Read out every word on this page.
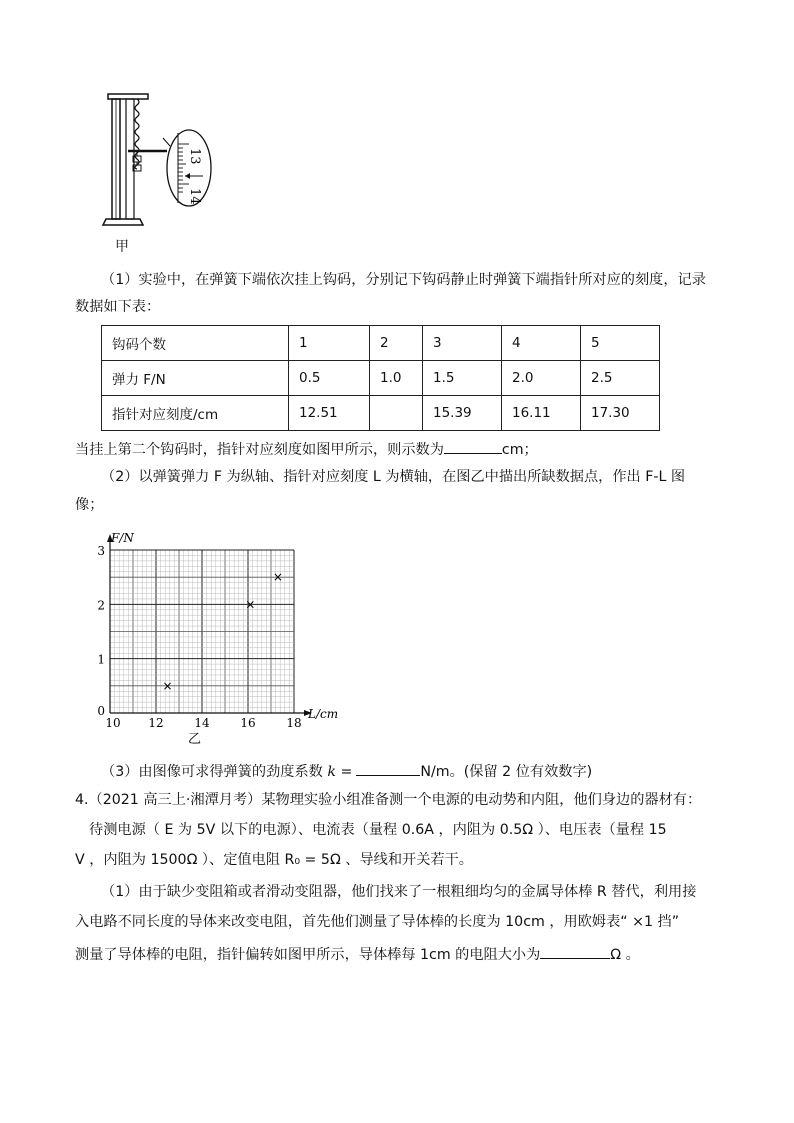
13
14
甲
（1）实验中，在弹簧下端依次挂上钩码，分别记下钩码静止时弹簧下端指针所对应的刻度，记录
数据如下表：
钩码个数	1	2	3	4	5
弹力 F/N	0.5	1.0	1.5	2.0	2.5
指针对应刻度/cm	12.51		15.39	16.11	17.30
当挂上第二个钩码时，指针对应刻度如图甲所示，则示数为	cm；
（2）以弹簧弹力 F 为纵轴、指针对应刻度 L 为横轴，在图乙中描出所缺数据点，作出 F-L 图
像；
10 12	14	16	18
0
1
2
3
×
×
×
F/N
L/cm
乙
（3）由图像可求得弹簧的劲度系数 k =	N/m。(保留 2 位有效数字)
4.（2021 高三上·湘潭月考）某物理实验小组准备测一个电源的电动势和内阻，他们身边的器材有：
待测电源（ E 为 5V 以下的电源）、电流表（量程 0.6A ，内阻为 0.5Ω ）、电压表（量程 15
V ，内阻为 1500Ω ）、定值电阻 R₀ = 5Ω 、导线和开关若干。
（1）由于缺少变阻箱或者滑动变阻器，他们找来了一根粗细均匀的金属导体棒 R 替代，利用接
入电路不同长度的导体来改变电阻，首先他们测量了导体棒的长度为 10cm ，用欧姆表“ ×1 挡”
测量了导体棒的电阻，指针偏转如图甲所示，导体棒每 1cm 的电阻大小为	Ω 。
